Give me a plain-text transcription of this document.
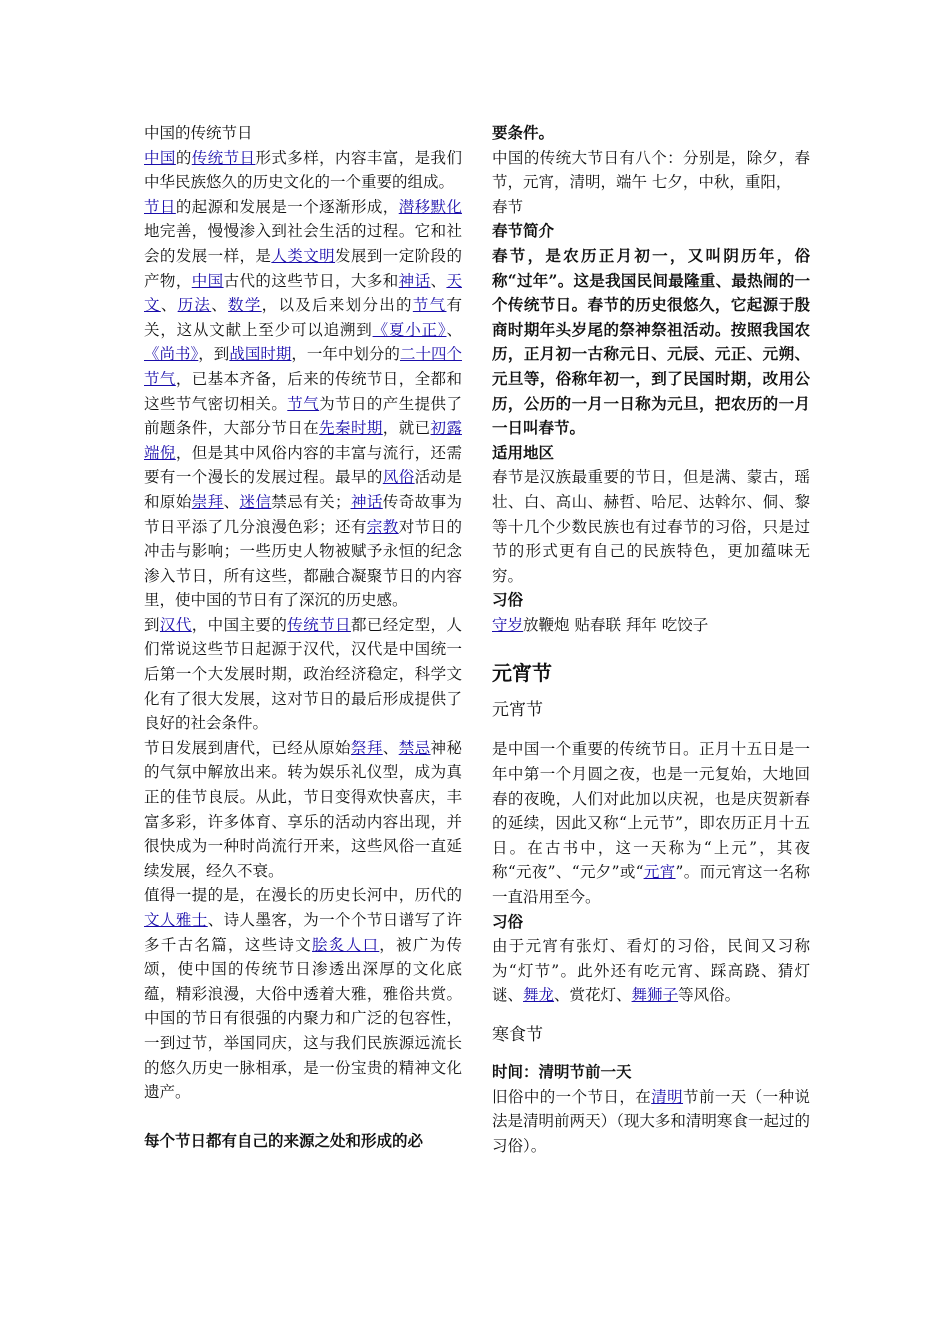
中国的传统节日

中国的传统节日形式多样，内容丰富，是我们中华民族悠久的历史文化的一个重要的组成。

节日的起源和发展是一个逐渐形成，潜移默化地完善，慢慢渗入到社会生活的过程。它和社会的发展一样，是人类文明发展到一定阶段的产物，中国古代的这些节日，大多和神话、天文、历法、数学，以及后来划分出的节气有关，这从文献上至少可以追溯到《夏小正》、《尚书》，到战国时期，一年中划分的二十四个节气，已基本齐备，后来的传统节日，全都和这些节气密切相关。节气为节日的产生提供了前题条件，大部分节日在先秦时期，就已初露端倪，但是其中风俗内容的丰富与流行，还需要有一个漫长的发展过程。最早的风俗活动是和原始崇拜、迷信禁忌有关；神话传奇故事为节日平添了几分浪漫色彩；还有宗教对节日的冲击与影响；一些历史人物被赋予永恒的纪念渗入节日，所有这些，都融合凝聚节日的内容里，使中国的节日有了深沉的历史感。

到汉代，中国主要的传统节日都已经定型，人们常说这些节日起源于汉代，汉代是中国统一后第一个大发展时期，政治经济稳定，科学文化有了很大发展，这对节日的最后形成提供了良好的社会条件。

节日发展到唐代，已经从原始祭拜、禁忌神秘的气氛中解放出来。转为娱乐礼仪型，成为真正的佳节良辰。从此，节日变得欢快喜庆，丰富多彩，许多体育、享乐的活动内容出现，并很快成为一种时尚流行开来，这些风俗一直延续发展，经久不衰。

值得一提的是，在漫长的历史长河中，历代的文人雅士、诗人墨客，为一个个节日谱写了许多千古名篇，这些诗文脍炙人口，被广为传颂，使中国的传统节日渗透出深厚的文化底蕴，精彩浪漫，大俗中透着大雅，雅俗共赏。中国的节日有很强的内聚力和广泛的包容性，一到过节，举国同庆，这与我们民族源远流长的悠久历史一脉相承，是一份宝贵的精神文化遗产。

每个节日都有自己的来源之处和形成的必

要条件。

中国的传统大节日有八个：分别是，除夕，春节，元宵，清明，端午 七夕，中秋，重阳，

春节

春节简介

春节，是农历正月初一，又叫阴历年，俗称“过年”。这是我国民间最隆重、最热闹的一个传统节日。春节的历史很悠久，它起源于殷商时期年头岁尾的祭神祭祖活动。按照我国农历，正月初一古称元日、元辰、元正、元朔、元旦等，俗称年初一，到了民国时期，改用公历，公历的一月一日称为元旦，把农历的一月一日叫春节。

适用地区

春节是汉族最重要的节日，但是满、蒙古，瑶壮、白、高山、赫哲、哈尼、达斡尔、侗、黎等十几个少数民族也有过春节的习俗，只是过节的形式更有自己的民族特色，更加蕴味无穷。

习俗

守岁放鞭炮 贴春联 拜年 吃饺子

元宵节
元宵节

是中国一个重要的传统节日。正月十五日是一年中第一个月圆之夜，也是一元复始，大地回春的夜晚，人们对此加以庆祝，也是庆贺新春的延续，因此又称“上元节”，即农历正月十五日。在古书中，这一天称为“上元”，其夜称“元夜”、“元夕”或“元宵”。而元宵这一名称一直沿用至今。

习俗

由于元宵有张灯、看灯的习俗，民间又习称为“灯节”。此外还有吃元宵、踩高跷、猜灯谜、舞龙、赏花灯、舞狮子等风俗。

寒食节

时间：清明节前一天

旧俗中的一个节日，在清明节前一天（一种说法是清明前两天）（现大多和清明寒食一起过的习俗）。
